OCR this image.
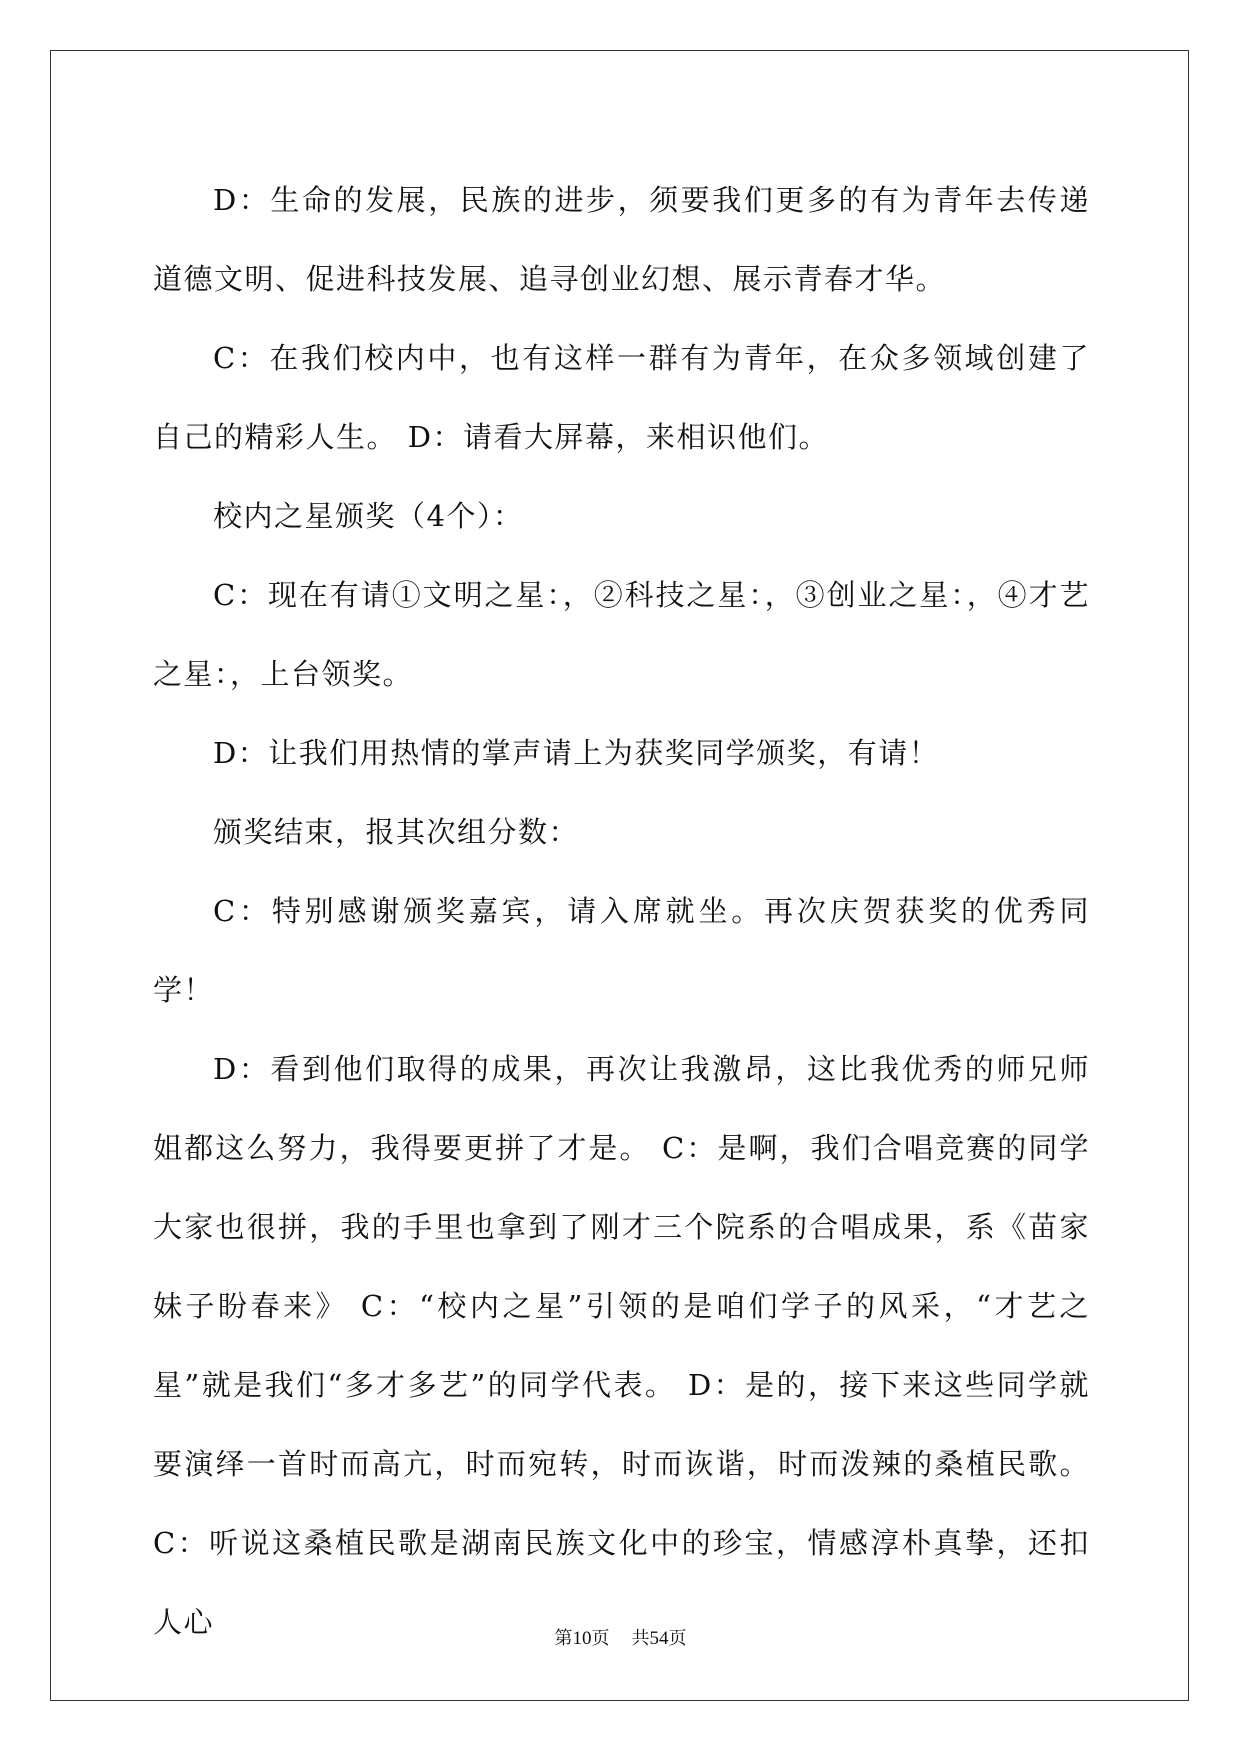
D：生命的发展，民族的进步，须要我们更多的有为青年去传递道德文明、促进科技发展、追寻创业幻想、展示青春才华。

C：在我们校内中，也有这样一群有为青年，在众多领域创建了自己的精彩人生。 D：请看大屏幕，来相识他们。

校内之星颁奖（4个）：

C：现在有请①文明之星：，②科技之星：，③创业之星：，④才艺之星：，上台领奖。

D：让我们用热情的掌声请上为获奖同学颁奖，有请！

颁奖结束，报其次组分数：

C：特别感谢颁奖嘉宾，请入席就坐。再次庆贺获奖的优秀同学！

D：看到他们取得的成果，再次让我激昂，这比我优秀的师兄师姐都这么努力，我得要更拼了才是。 C：是啊，我们合唱竞赛的同学大家也很拼，我的手里也拿到了刚才三个院系的合唱成果，系《苗家妹子盼春来》 C：“校内之星”引领的是咱们学子的风采，“才艺之星”就是我们“多才多艺”的同学代表。 D：是的，接下来这些同学就要演绎一首时而高亢，时而宛转，时而诙谐，时而泼辣的桑植民歌。 C：听说这桑植民歌是湖南民族文化中的珍宝，情感淳朴真挚，还扣人心	第10页 共54页
